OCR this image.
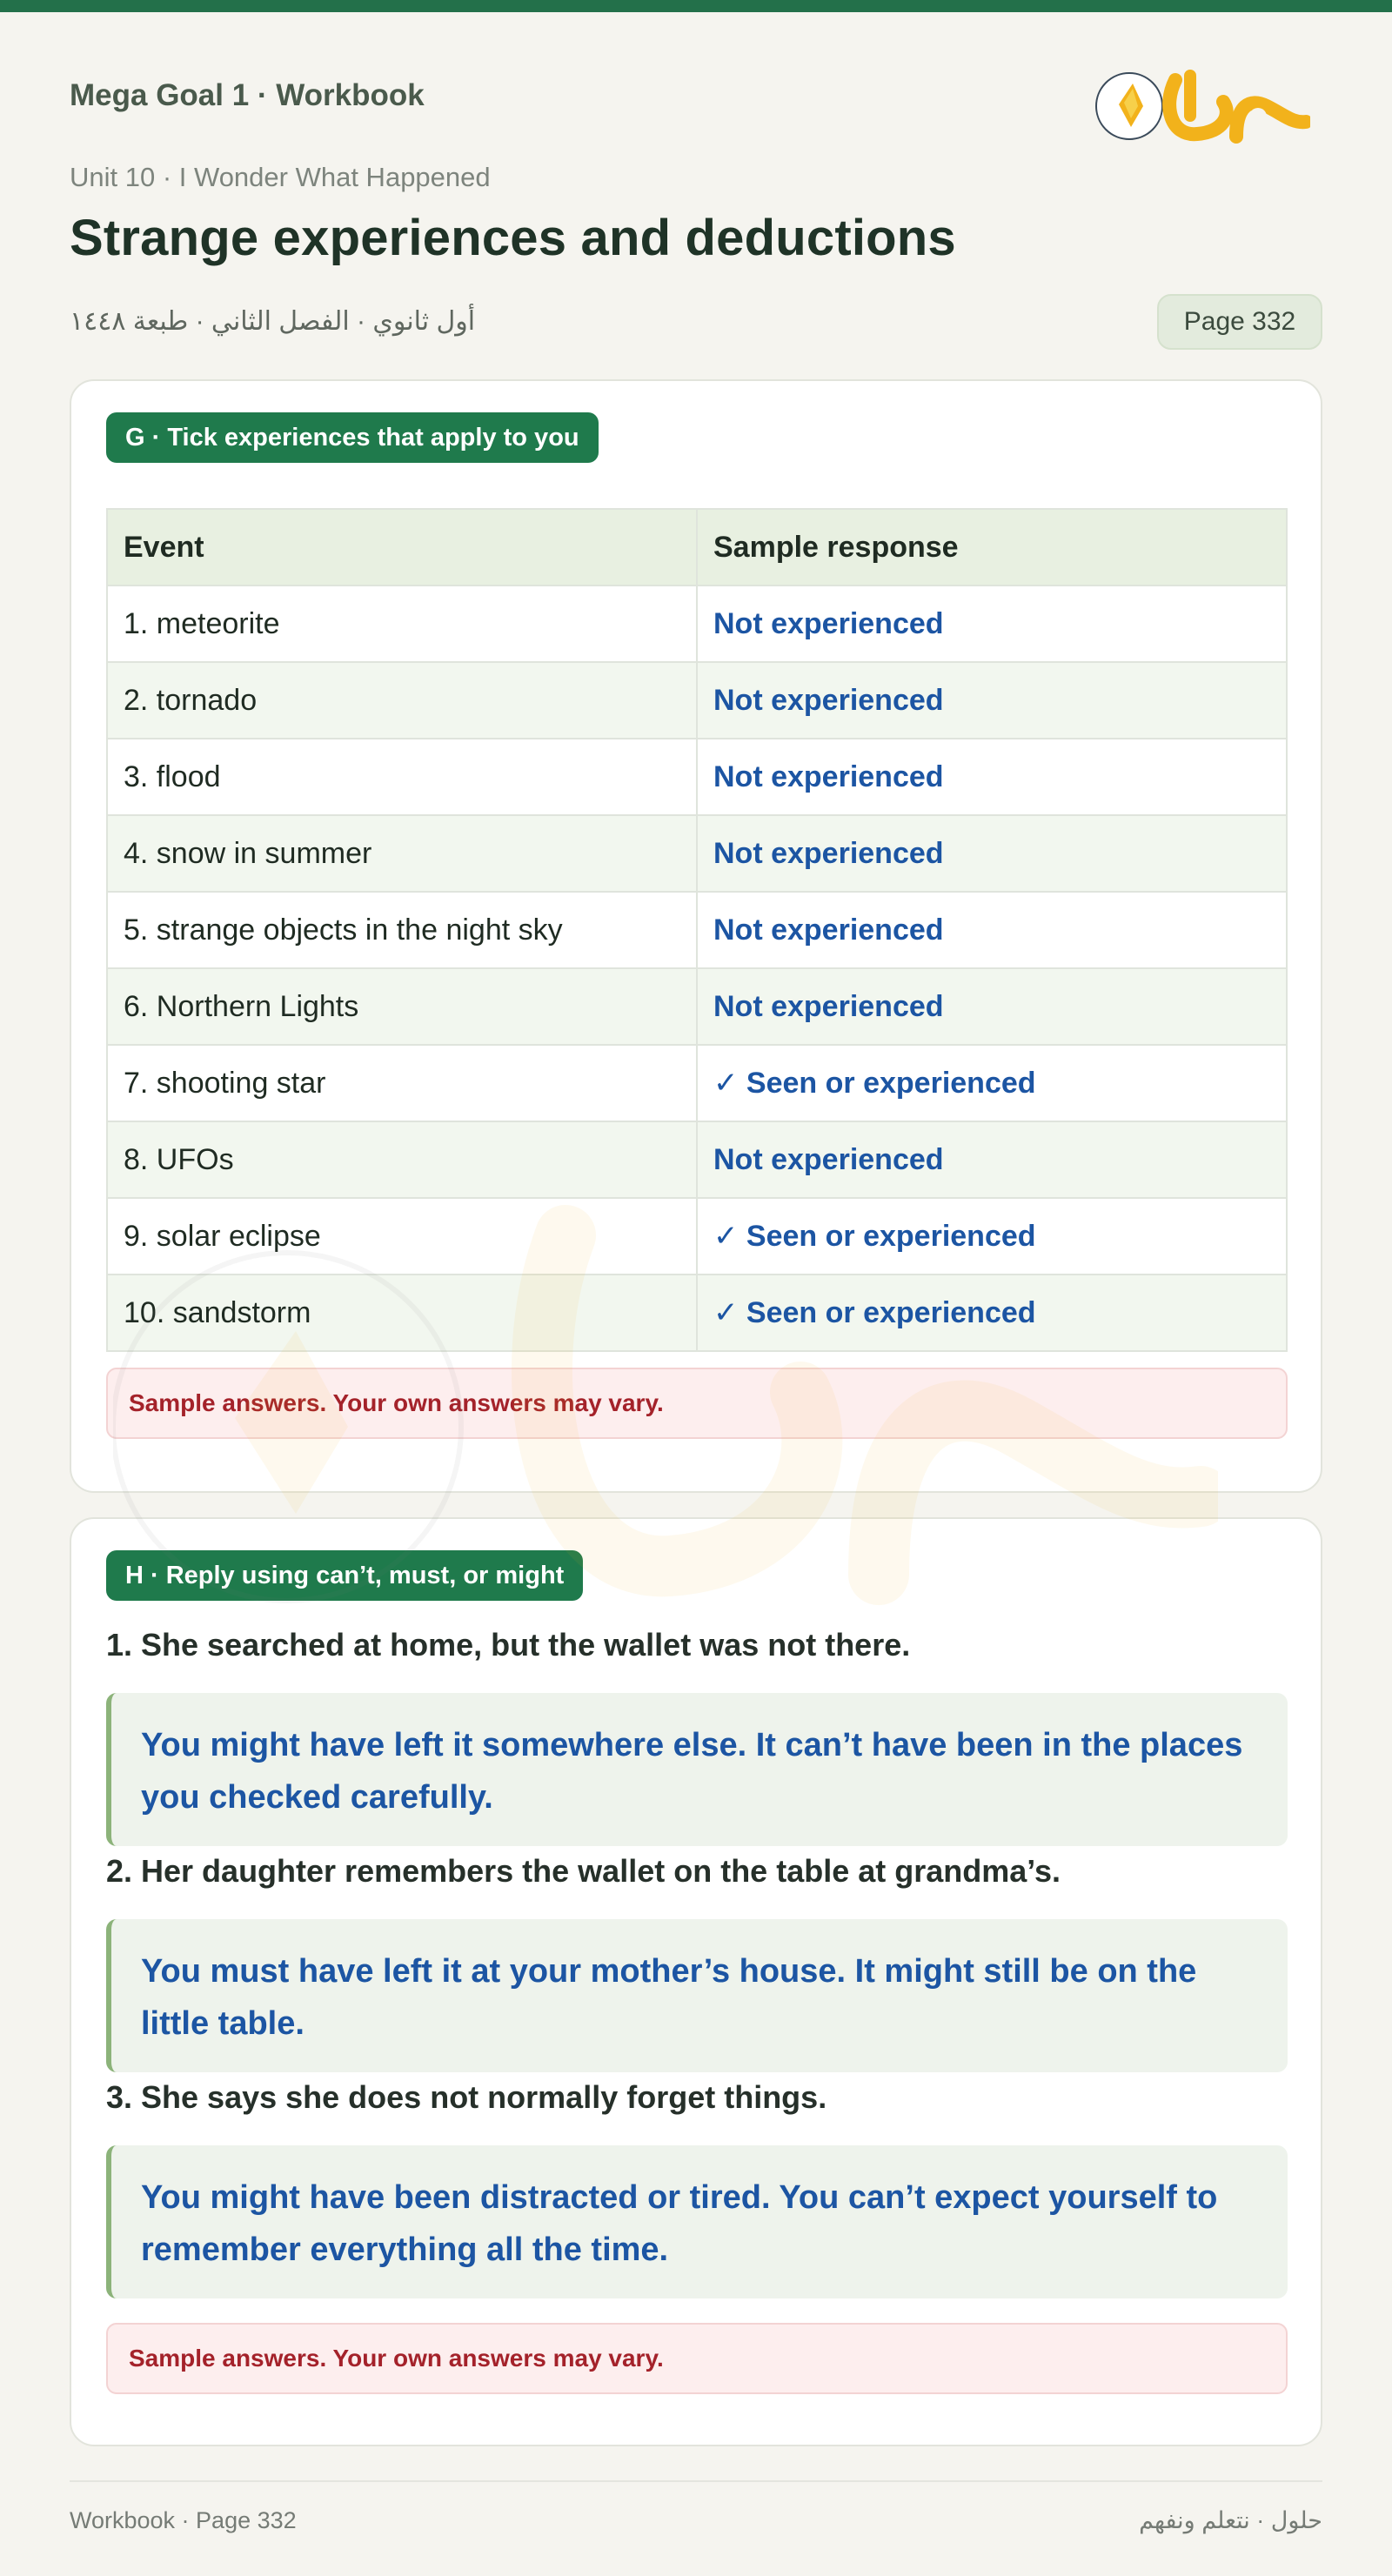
Mega Goal 1 · Workbook
Unit 10 · I Wonder What Happened
Strange experiences and deductions
أول ثانوي · الفصل الثاني · طبعة ١٤٤٨	Page 332
G · Tick experiences that apply to you
Event	Sample response
1. meteorite	Not experienced
2. tornado	Not experienced
3. flood	Not experienced
4. snow in summer	Not experienced
5. strange objects in the night sky	Not experienced
6. Northern Lights	Not experienced
7. shooting star	✓ Seen or experienced
8. UFOs	Not experienced
9. solar eclipse	✓ Seen or experienced
10. sandstorm	✓ Seen or experienced
Sample answers. Your own answers may vary.
H · Reply using can’t, must, or might
1. She searched at home, but the wallet was not there.
You might have left it somewhere else. It can’t have been in the places you checked carefully.
2. Her daughter remembers the wallet on the table at grandma’s.
You must have left it at your mother’s house. It might still be on the little table.
3. She says she does not normally forget things.
You might have been distracted or tired. You can’t expect yourself to remember everything all the time.
Sample answers. Your own answers may vary.
Workbook · Page 332	حلول · نتعلم ونفهم
